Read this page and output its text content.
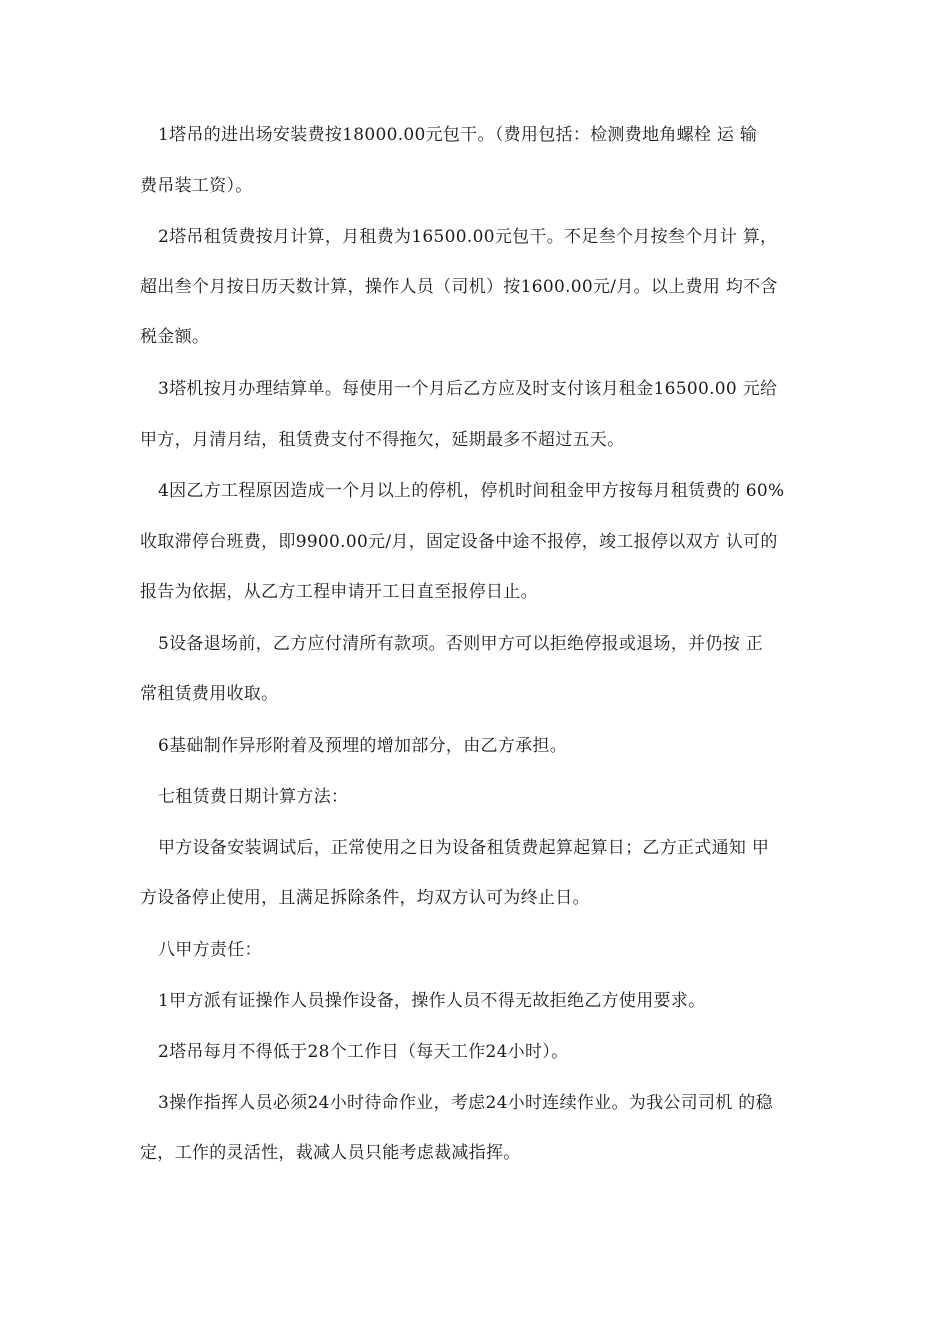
1塔吊的进出场安装费按18000.00元包干。（费用包括：检测费地角螺栓 运 输
费吊装工资）。
2塔吊租赁费按月计算，月租费为16500.00元包干。不足叁个月按叁个月计 算，
超出叁个月按日历天数计算，操作人员（司机）按1600.00元/月。以上费用 均不含
税金额。
3塔机按月办理结算单。每使用一个月后乙方应及时支付该月租金16500.00 元给
甲方，月清月结，租赁费支付不得拖欠，延期最多不超过五天。
4因乙方工程原因造成一个月以上的停机，停机时间租金甲方按每月租赁费的 60%
收取滞停台班费，即9900.00元/月，固定设备中途不报停，竣工报停以双方 认可的
报告为依据，从乙方工程申请开工日直至报停日止。
5设备退场前，乙方应付清所有款项。否则甲方可以拒绝停报或退场，并仍按 正
常租赁费用收取。
6基础制作异形附着及预埋的增加部分，由乙方承担。
七租赁费日期计算方法：
甲方设备安装调试后，正常使用之日为设备租赁费起算起算日；乙方正式通知 甲
方设备停止使用，且满足拆除条件，均双方认可为终止日。
八甲方责任：
1甲方派有证操作人员操作设备，操作人员不得无故拒绝乙方使用要求。
2塔吊每月不得低于28个工作日（每天工作24小时）。
3操作指挥人员必须24小时待命作业，考虑24小时连续作业。为我公司司机 的稳
定，工作的灵活性，裁减人员只能考虑裁减指挥。
